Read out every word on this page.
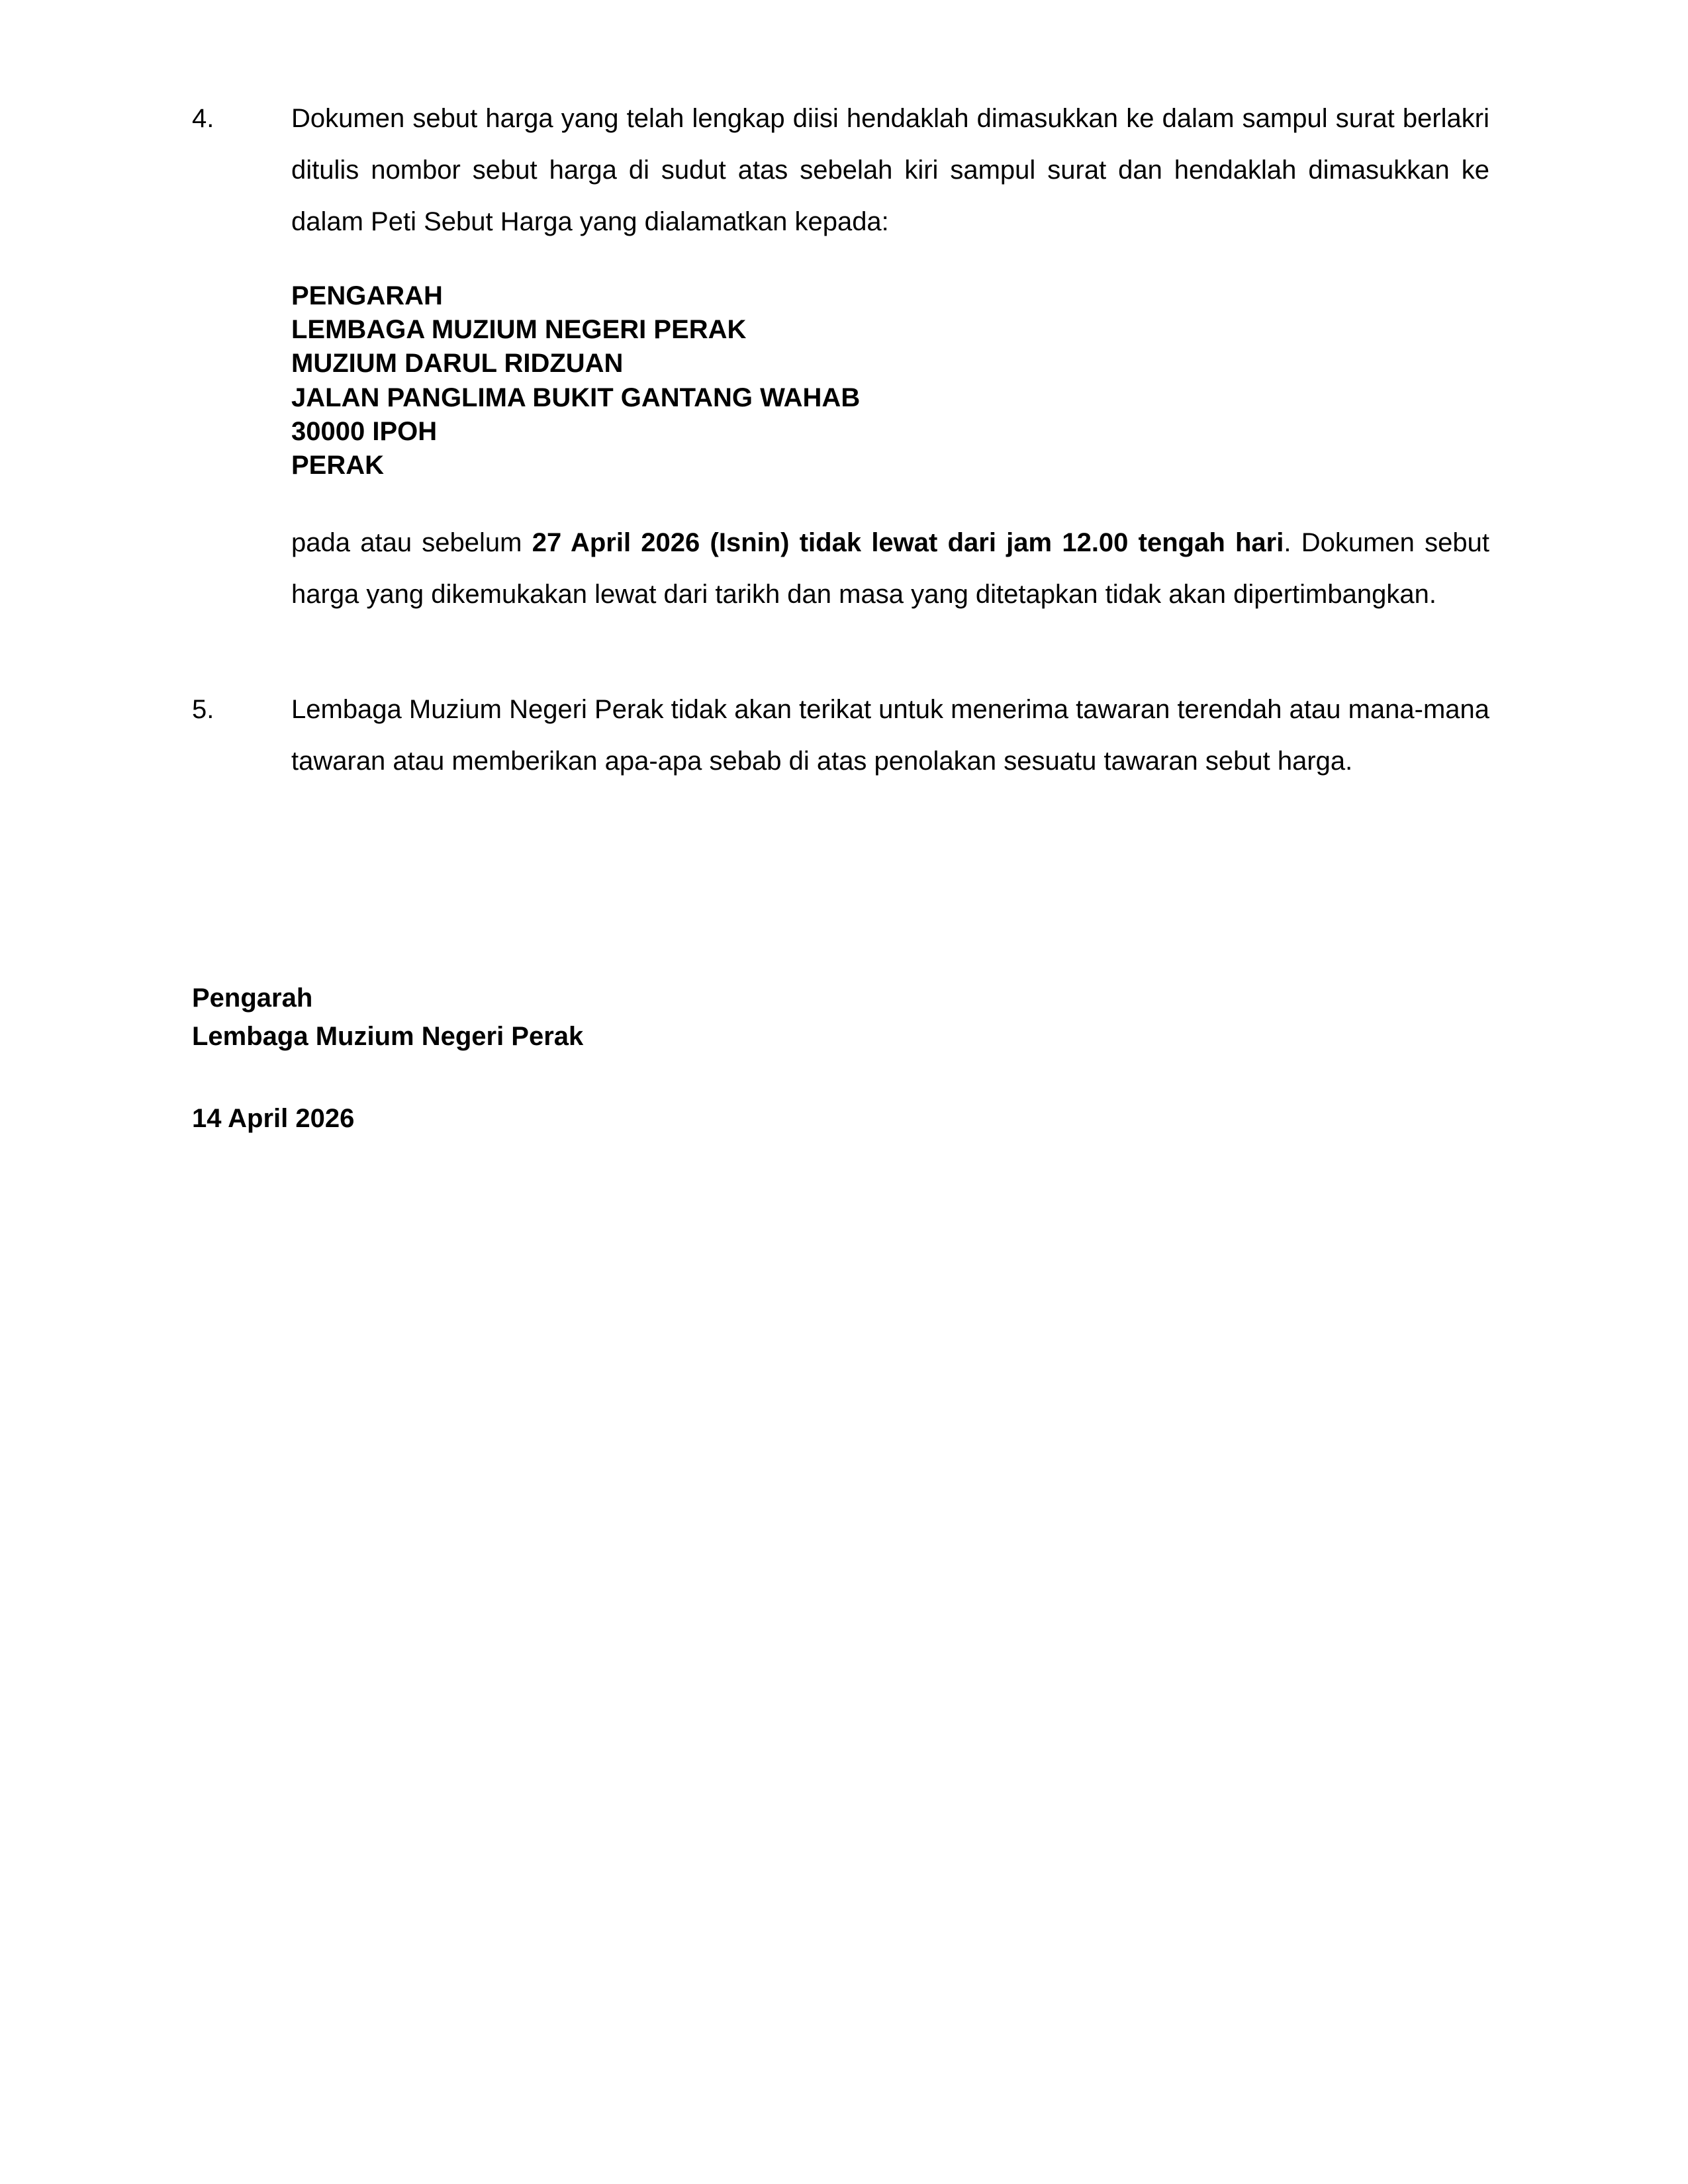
4.	Dokumen sebut harga yang telah lengkap diisi hendaklah dimasukkan ke dalam sampul surat berlakri ditulis nombor sebut harga di sudut atas sebelah kiri sampul surat dan hendaklah dimasukkan ke dalam Peti Sebut Harga yang dialamatkan kepada:
PENGARAH
LEMBAGA MUZIUM NEGERI PERAK
MUZIUM DARUL RIDZUAN
JALAN PANGLIMA BUKIT GANTANG WAHAB
30000 IPOH
PERAK
pada atau sebelum 27 April 2026 (Isnin) tidak lewat dari jam 12.00 tengah hari. Dokumen sebut harga yang dikemukakan lewat dari tarikh dan masa yang ditetapkan tidak akan dipertimbangkan.
5.	Lembaga Muzium Negeri Perak tidak akan terikat untuk menerima tawaran terendah atau mana-mana tawaran atau memberikan apa-apa sebab di atas penolakan sesuatu tawaran sebut harga.
Pengarah
Lembaga Muzium Negeri Perak
14 April 2026
